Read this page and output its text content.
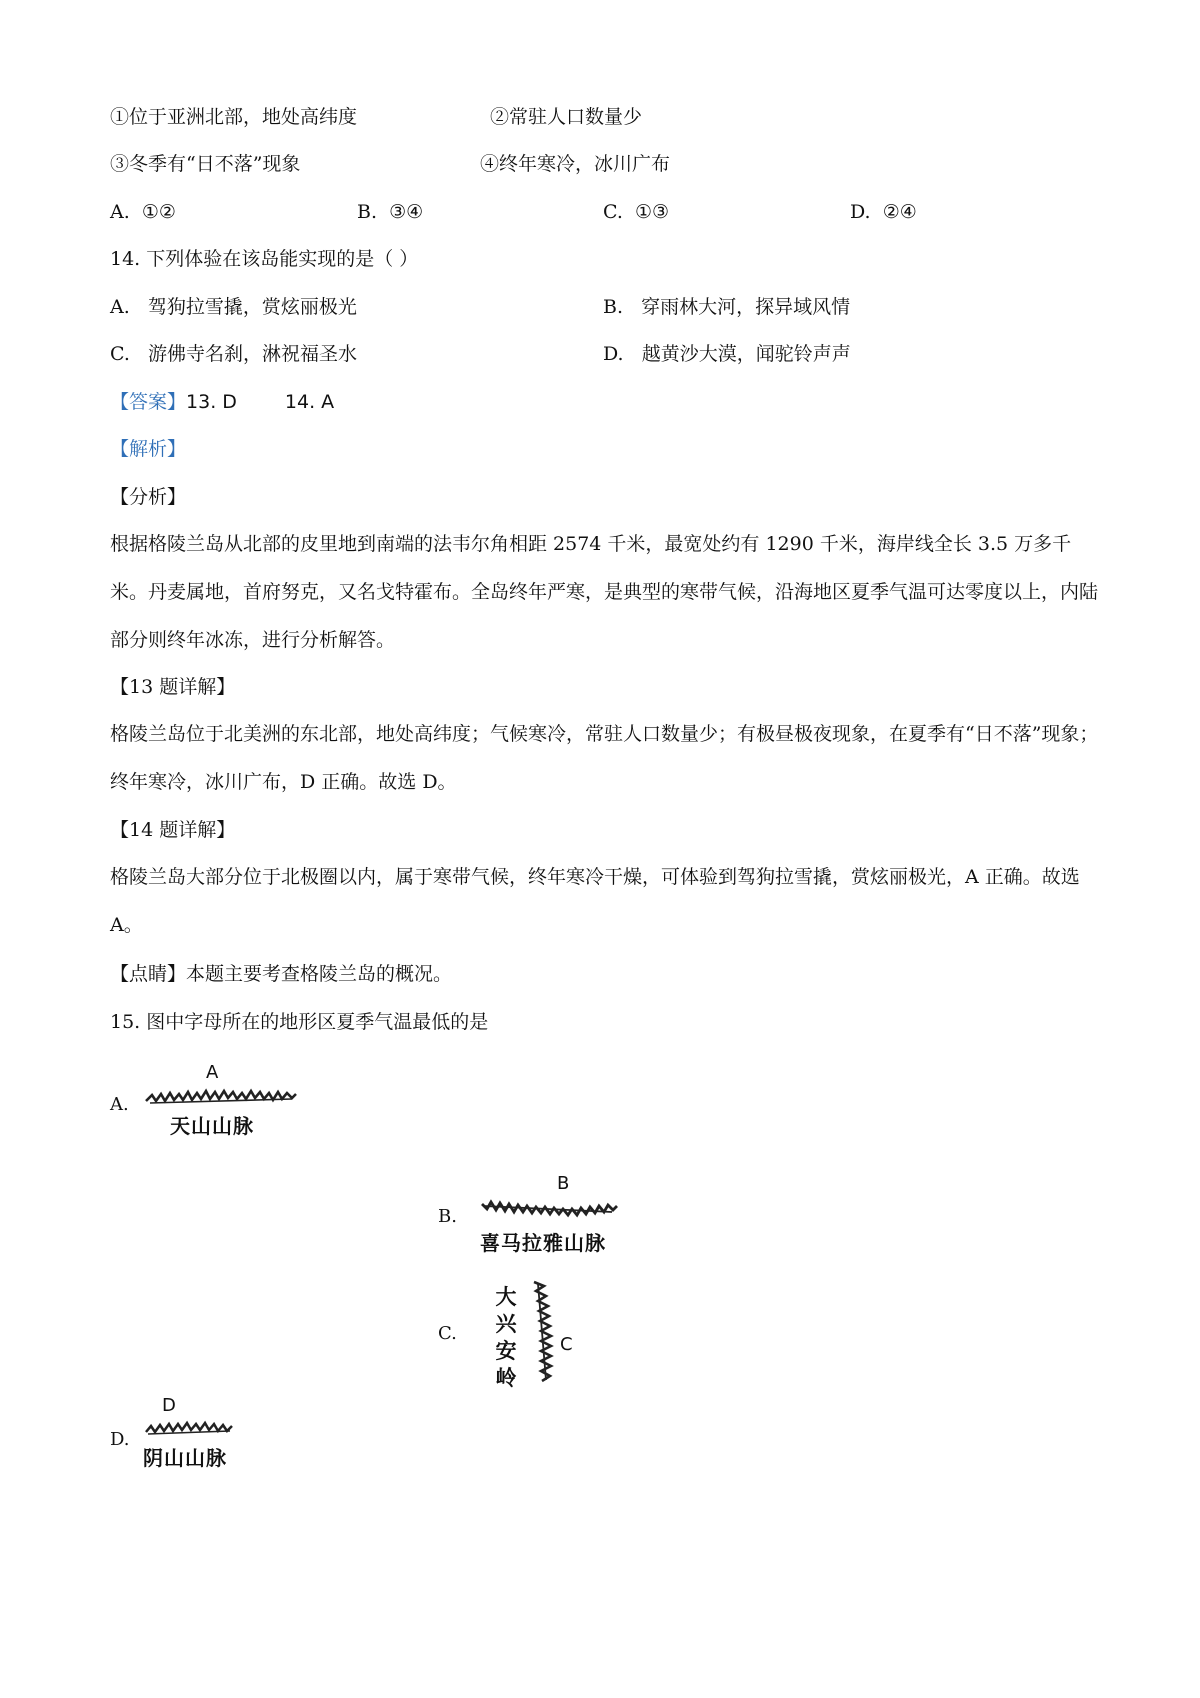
①位于亚洲北部，地处高纬度	②常驻人口数量少
③冬季有“日不落”现象	④终年寒冷，冰川广布
A. ①②	B. ③④	C. ①③	D. ②④
14. 下列体验在该岛能实现的是（ ）
A. 驾狗拉雪撬，赏炫丽极光	B. 穿雨林大河，探异域风情
C. 游佛寺名刹，淋祝福圣水	D. 越黄沙大漠，闻驼铃声声
【答案】13. D	14. A
【解析】
【分析】
根据格陵兰岛从北部的皮里地到南端的法韦尔角相距 2574 千米，最宽处约有 1290 千米，海岸线全长 3.5 万多千米。丹麦属地，首府努克，又名戈特霍布。全岛终年严寒，是典型的寒带气候，沿海地区夏季气温可达零度以上，内陆部分则终年冰冻，进行分析解答。
【13 题详解】
格陵兰岛位于北美洲的东北部，地处高纬度；气候寒冷，常驻人口数量少；有极昼极夜现象，在夏季有“日不落”现象；终年寒冷，冰川广布，D 正确。故选 D。
【14 题详解】
格陵兰岛大部分位于北极圈以内，属于寒带气候，终年寒冷干燥，可体验到驾狗拉雪撬，赏炫丽极光，A 正确。故选 A。
【点睛】本题主要考查格陵兰岛的概况。
15. 图中字母所在的地形区夏季气温最低的是
A.
A
天山山脉
B.
B
喜马拉雅山脉
C.
大兴安岭
C
D.
D
阴山山脉
